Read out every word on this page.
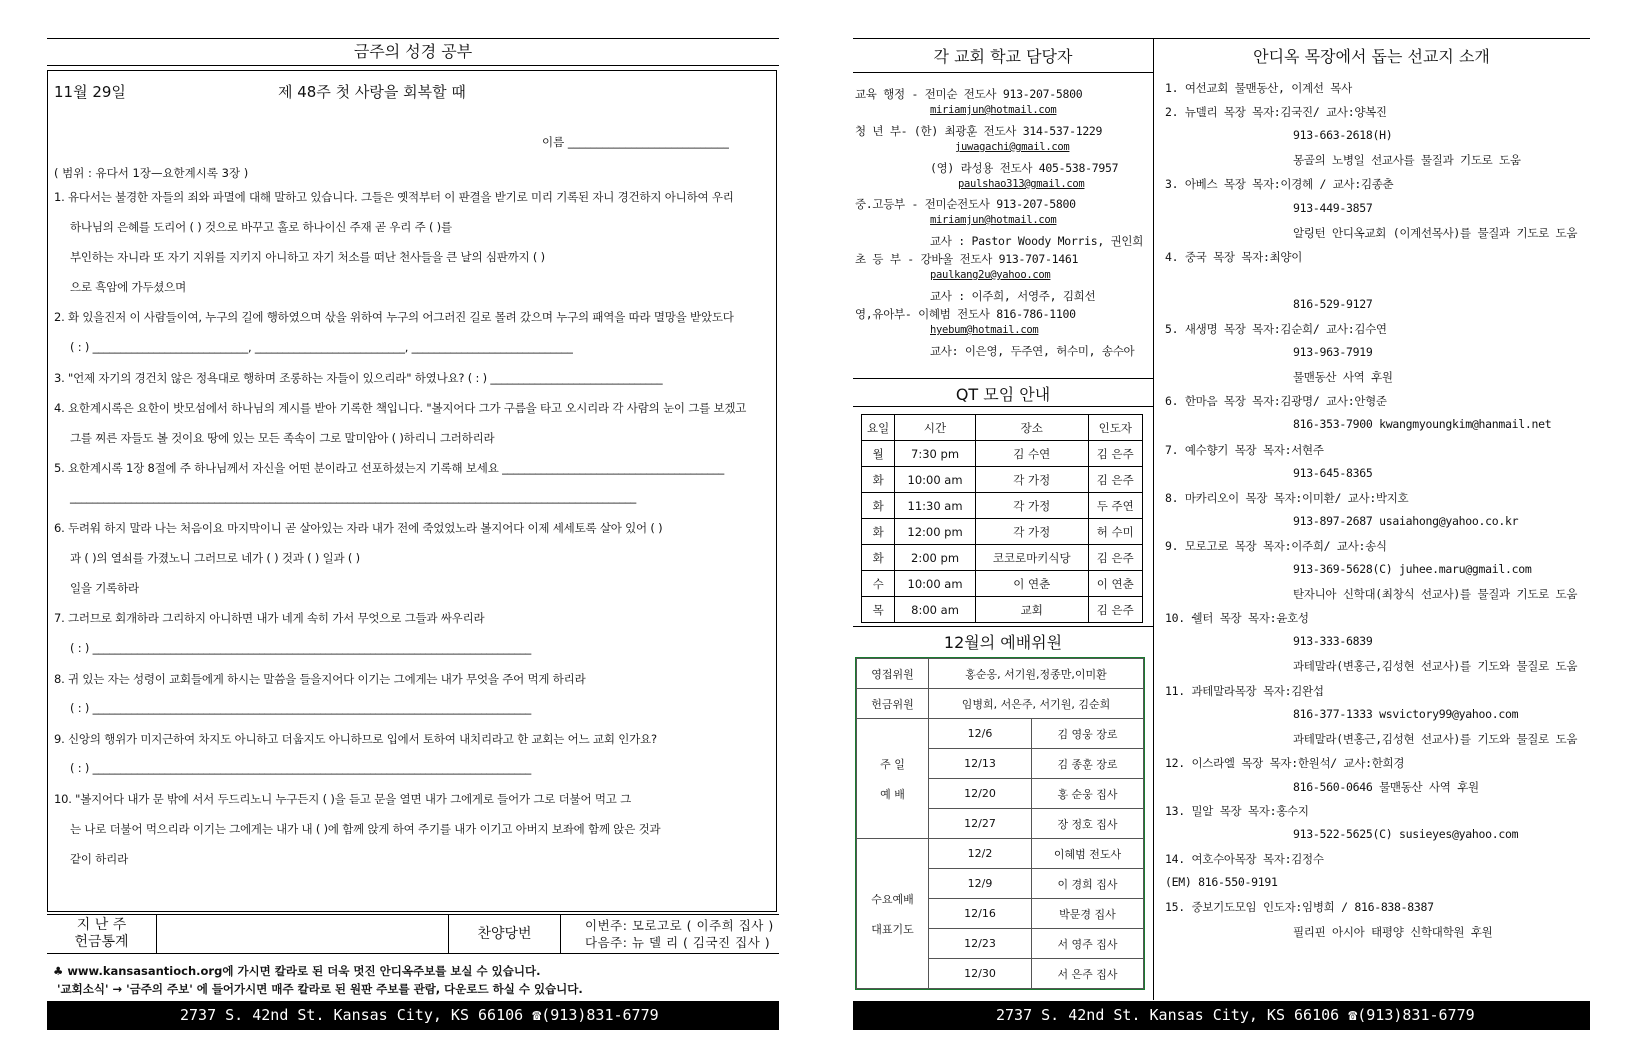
금주의 성경 공부
11월 29일	제 48주 첫 사랑을 회복할 때
이름 ____________________________
( 범위 : 유다서 1장—요한계시록 3장 )
1. 유다서는 불경한 자들의 죄와 파멸에 대해 말하고 있습니다. 그들은 옛적부터 이 판결을 받기로 미리 기록된 자니 경건하지 아니하여 우리
하나님의 은혜를 도리어 ( ) 것으로 바꾸고 홀로 하나이신 주재 곧 우리 주 ( )를
부인하는 자니라 또 자기 지위를 지키지 아니하고 자기 처소를 떠난 천사들을 큰 날의 심판까지 ( )
으로 흑암에 가두셨으며
2. 화 있을진저 이 사람들이여, 누구의 길에 행하였으며 삯을 위하여 누구의 어그러진 길로 몰려 갔으며 누구의 패역을 따라 멸망을 받았도다
( : ) ____________________________, ___________________________, _____________________________
3. "언제 자기의 경건치 않은 정욕대로 행하며 조롱하는 자들이 있으리라" 하였나요? ( : ) _______________________________
4. 요한계시록은 요한이 밧모섬에서 하나님의 계시를 받아 기록한 책입니다. "볼지어다 그가 구름을 타고 오시리라 각 사람의 눈이 그를 보겠고
그를 찌른 자들도 볼 것이요 땅에 있는 모든 족속이 그로 말미암아 ( )하리니 그러하리라
5. 요한계시록 1장 8절에 주 하나님께서 자신을 어떤 분이라고 선포하셨는지 기록해 보세요 ________________________________________
______________________________________________________________________________________________________
6. 두려워 하지 말라 나는 처음이요 마지막이니 곧 살아있는 자라 내가 전에 죽었었노라 볼지어다 이제 세세토록 살아 있어 ( )
과 ( )의 열쇠를 가졌노니 그러므로 네가 ( ) 것과 ( ) 일과 ( )
일을 기록하라
7. 그러므로 회개하라 그리하지 아니하면 내가 네게 속히 가서 무엇으로 그들과 싸우리라
( : ) _______________________________________________________________________________
8. 귀 있는 자는 성령이 교회들에게 하시는 말씀을 들을지어다 이기는 그에게는 내가 무엇을 주어 먹게 하리라
( : ) _______________________________________________________________________________
9. 신앙의 행위가 미지근하여 차지도 아니하고 더웁지도 아니하므로 입에서 토하여 내치리라고 한 교회는 어느 교회 인가요?
( : ) _______________________________________________________________________________
10. "볼지어다 내가 문 밖에 서서 두드리노니 누구든지 ( )을 듣고 문을 열면 내가 그에게로 들어가 그로 더불어 먹고 그
는 나로 더불어 먹으리라 이기는 그에게는 내가 내 ( )에 함께 앉게 하여 주기를 내가 이기고 아버지 보좌에 함께 앉은 것과
같이 하리라
지 난 주
헌금통계	찬양당번
이번주: 모로고로 ( 이주희 집사 )
다음주: 뉴 델 리 ( 김국진 집사 )
♣ www.kansasantioch.org에 가시면 칼라로 된 더욱 멋진 안디옥주보를 보실 수 있습니다.
'교회소식' → '금주의 주보' 에 들어가시면 매주 칼라로 된 원판 주보를 관람, 다운로드 하실 수 있습니다.
2737 S. 42nd St. Kansas City, KS 66106 ☎(913)831-6779
각 교회 학교 담당자	안디옥 목장에서 돕는 선교지 소개
교육 행정 - 전미순 전도사 913-207-5800
miriamjun@hotmail.com
청 년 부- (한) 최광훈 전도사 314-537-1229
juwagachi@gmail.com
(영) 라성용 전도사 405-538-7957
paulshao313@gmail.com
중.고등부 - 전미순전도사 913-207-5800
miriamjun@hotmail.com
교사 : Pastor Woody Morris, 권인희
초 등 부 - 강바울 전도사 913-707-1461
paulkang2u@yahoo.com
교사 : 이주희, 서영주, 김희선
영,유아부- 이혜범 전도사 816-786-1100
hyebum@hotmail.com
교사: 이은영, 두주연, 허수미, 송수아
QT 모임 안내
요일	시간	장소	인도자
월	7:30 pm	김 수연	김 은주
화	10:00 am	각 가정	김 은주
화	11:30 am	각 가정	두 주연
화	12:00 pm	각 가정	허 수미
화	2:00 pm	코코로마키식당	김 은주
수	10:00 am	이 연춘	이 연춘
목	8:00 am	교회	김 은주
12월의 예배위원
영접위원	홍순옹, 서기원,정종만,이미환	
헌금위원	임병희, 서은주, 서기원, 김순희	

주 일
예 배	12/6	김 영웅 장로
	12/13	김 종훈 장로
	12/20	홍 순웅 집사
	12/27	장 정호 집사

수요예배
대표기도	12/2	이혜범 전도사
	12/9	이 경희 집사
	12/16	박문경 집사
	12/23	서 영주 집사
	12/30	서 은주 집사
1. 여선교회 물맨동산, 이계선 목사
2. 뉴델리 목장 목자:김국진/ 교사:양복진
913-663-2618(H)
몽골의 노병일 선교사를 물질과 기도로 도움
3. 아베스 목장 목자:이경헤 / 교사:김종춘
913-449-3857
알링턴 안디옥교회 (이계선목사)를 물질과 기도로 도움
4. 중국 목장 목자:최양이
816-529-9127
5. 새생명 목장 목자:김순희/ 교사:김수연
913-963-7919
물맨동산 사역 후원
6. 한마음 목장 목자:김광명/ 교사:안형준
816-353-7900 kwangmyoungkim@hanmail.net
7. 예수향기 목장 목자:서현주
913-645-8365
8. 마카리오이 목장 목자:이미환/ 교사:박지호
913-897-2687 usaiahong@yahoo.co.kr
9. 모로고로 목장 목자:이주희/ 교사:송식
913-369-5628(C) juhee.maru@gmail.com
탄자니아 신학대(최창식 선교사)를 물질과 기도로 도움
10. 쉘터 목장 목자:윤호성
913-333-6839
과테말라(변홍근,김성현 선교사)를 기도와 물질로 도움
11. 과테말라목장 목자:김완섭
816-377-1333 wsvictory99@yahoo.com
과테말라(변홍근,김성현 선교사)를 기도와 물질로 도움
12. 이스라엘 목장 목자:한원석/ 교사:한희경
816-560-0646 물맨동산 사역 후원
13. 밀알 목장 목자:홍수지
913-522-5625(C) susieyes@yahoo.com
14. 여호수아목장 목자:김정수
(EM) 816-550-9191
15. 중보기도모임 인도자:임병희 / 816-838-8387
필리핀 아시아 태평양 신학대학원 후원
2737 S. 42nd St. Kansas City, KS 66106 ☎(913)831-6779
